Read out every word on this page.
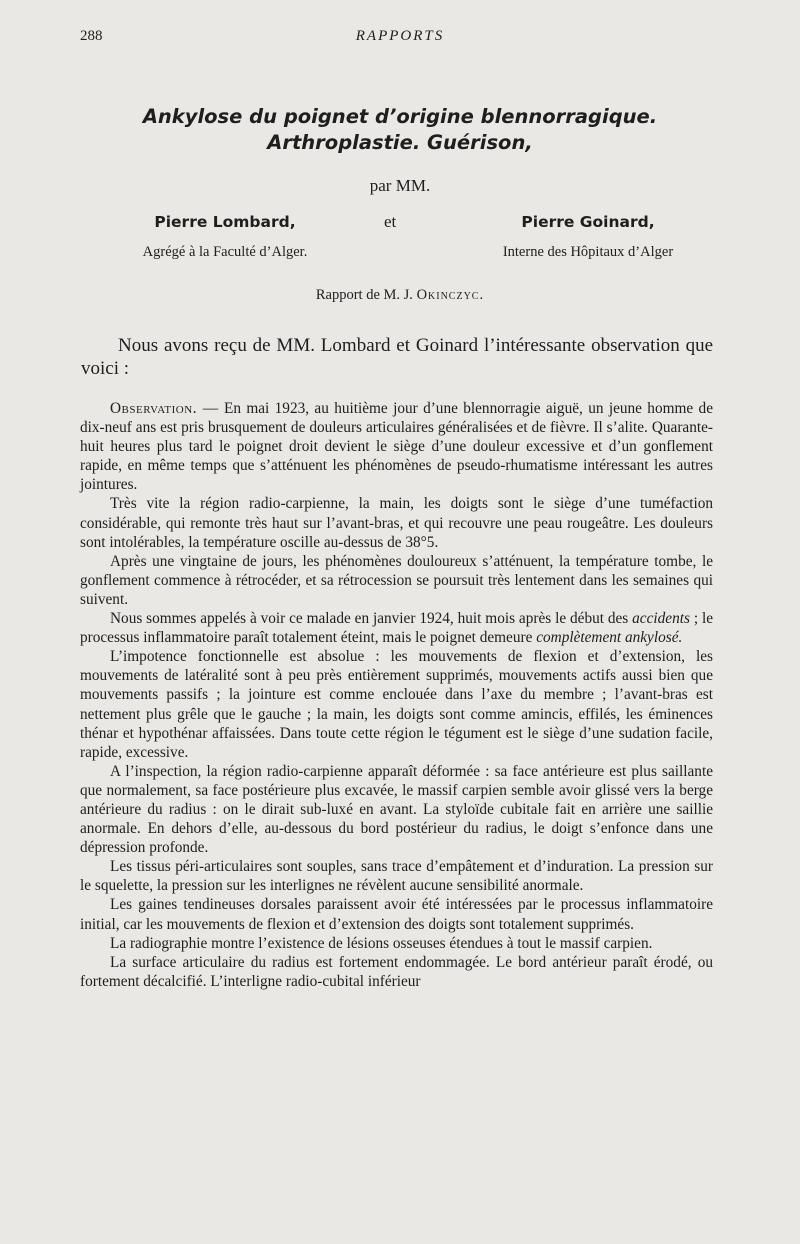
288	RAPPORTS
Ankylose du poignet d’origine blennorragique.
Arthroplastie. Guérison,
par MM.
Pierre Lombard,	et	Pierre Goinard,
Agrégé à la Faculté d’Alger.	Interne des Hôpitaux d’Alger
Rapport de M. J. Okinczyc.
Nous avons reçu de MM. Lombard et Goinard l’intéressante observation que voici :

Observation. — En mai 1923, au huitième jour d’une blennorragie aiguë, un jeune homme de dix-neuf ans est pris brusquement de douleurs articulaires généralisées et de fièvre. Il s’alite. Quarante-huit heures plus tard le poignet droit devient le siège d’une douleur excessive et d’un gonflement rapide, en même temps que s’atténuent les phénomènes de pseudo-rhumatisme intéressant les autres jointures.

Très vite la région radio-carpienne, la main, les doigts sont le siège d’une tuméfaction considérable, qui remonte très haut sur l’avant-bras, et qui recouvre une peau rougeâtre. Les douleurs sont intolérables, la température oscille au-dessus de 38°5.

Après une vingtaine de jours, les phénomènes douloureux s’atténuent, la température tombe, le gonflement commence à rétrocéder, et sa rétrocession se poursuit très lentement dans les semaines qui suivent.

Nous sommes appelés à voir ce malade en janvier 1924, huit mois après le début des accidents ; le processus inflammatoire paraît totalement éteint, mais le poignet demeure complètement ankylosé.

L’impotence fonctionnelle est absolue : les mouvements de flexion et d’extension, les mouvements de latéralité sont à peu près entièrement supprimés, mouvements actifs aussi bien que mouvements passifs ; la jointure est comme enclouée dans l’axe du membre ; l’avant-bras est nettement plus grêle que le gauche ; la main, les doigts sont comme amincis, effilés, les éminences thénar et hypothénar affaissées. Dans toute cette région le tégument est le siège d’une sudation facile, rapide, excessive.

A l’inspection, la région radio-carpienne apparaît déformée : sa face antérieure est plus saillante que normalement, sa face postérieure plus excavée, le massif carpien semble avoir glissé vers la berge antérieure du radius : on le dirait sub-luxé en avant. La styloïde cubitale fait en arrière une saillie anormale. En dehors d’elle, au-dessous du bord postérieur du radius, le doigt s’enfonce dans une dépression profonde.

Les tissus péri-articulaires sont souples, sans trace d’empâtement et d’induration. La pression sur le squelette, la pression sur les interlignes ne révèlent aucune sensibilité anormale.

Les gaines tendineuses dorsales paraissent avoir été intéressées par le processus inflammatoire initial, car les mouvements de flexion et d’extension des doigts sont totalement supprimés.

La radiographie montre l’existence de lésions osseuses étendues à tout le massif carpien.

La surface articulaire du radius est fortement endommagée. Le bord antérieur paraît érodé, ou fortement décalcifié. L’interligne radio-cubital inférieur
